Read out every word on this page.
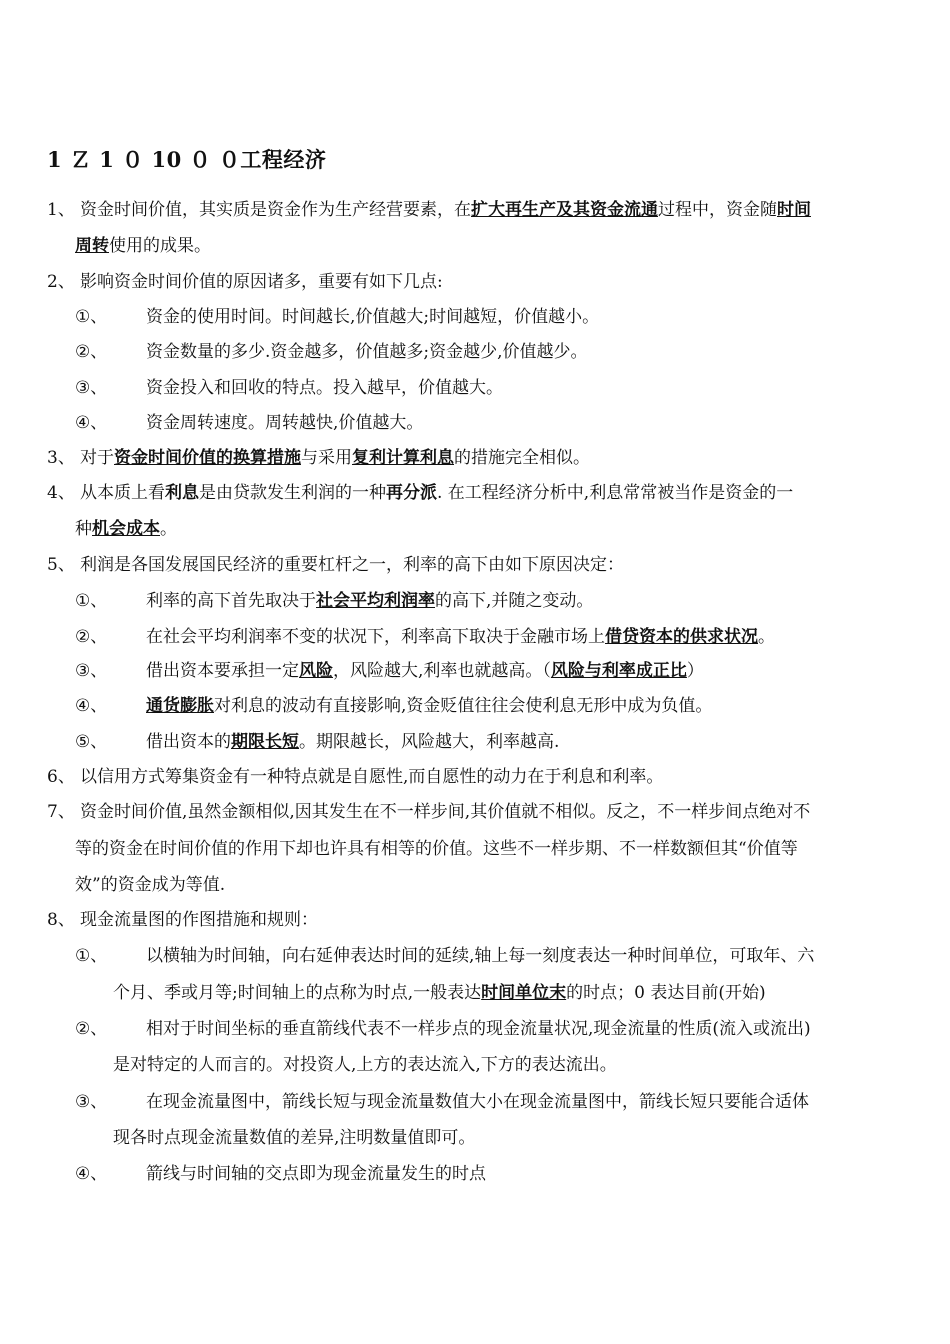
1 Ｚ 1 ０ 10 ０ ０工程经济
1、 资金时间价值，其实质是资金作为生产经营要素，在扩大再生产及其资金流通过程中，资金随时间
周转使用的成果。
2、 影响资金时间价值的原因诸多，重要有如下几点:
①、 资金的使用时间。时间越长,价值越大;时间越短，价值越小。
②、 资金数量的多少.资金越多，价值越多;资金越少,价值越少。
③、 资金投入和回收的特点。投入越早，价值越大。
④、 资金周转速度。周转越快,价值越大。
3、 对于资金时间价值的换算措施与采用复利计算利息的措施完全相似。
4、 从本质上看利息是由贷款发生利润的一种再分派. 在工程经济分析中,利息常常被当作是资金的一
种机会成本。
5、 利润是各国发展国民经济的重要杠杆之一，利率的高下由如下原因决定：
①、 利率的高下首先取决于社会平均利润率的高下,并随之变动。
②、 在社会平均利润率不变的状况下，利率高下取决于金融市场上借贷资本的供求状况。
③、 借出资本要承担一定风险，风险越大,利率也就越高。（风险与利率成正比）
④、 通货膨胀对利息的波动有直接影响,资金贬值往往会使利息无形中成为负值。
⑤、 借出资本的期限长短。期限越长，风险越大，利率越高.
6、 以信用方式筹集资金有一种特点就是自愿性,而自愿性的动力在于利息和利率。
7、 资金时间价值,虽然金额相似,因其发生在不一样步间,其价值就不相似。反之，不一样步间点绝对不
等的资金在时间价值的作用下却也许具有相等的价值。这些不一样步期、不一样数额但其“价值等
效”的资金成为等值.
8、 现金流量图的作图措施和规则：
①、 以横轴为时间轴，向右延伸表达时间的延续,轴上每一刻度表达一种时间单位，可取年、六
个月、季或月等;时间轴上的点称为时点,一般表达时间单位末的时点；0 表达目前(开始)
②、 相对于时间坐标的垂直箭线代表不一样步点的现金流量状况,现金流量的性质(流入或流出)
是对特定的人而言的。对投资人,上方的表达流入,下方的表达流出。
③、 在现金流量图中，箭线长短与现金流量数值大小在现金流量图中，箭线长短只要能合适体
现各时点现金流量数值的差异,注明数量值即可。
④、 箭线与时间轴的交点即为现金流量发生的时点
